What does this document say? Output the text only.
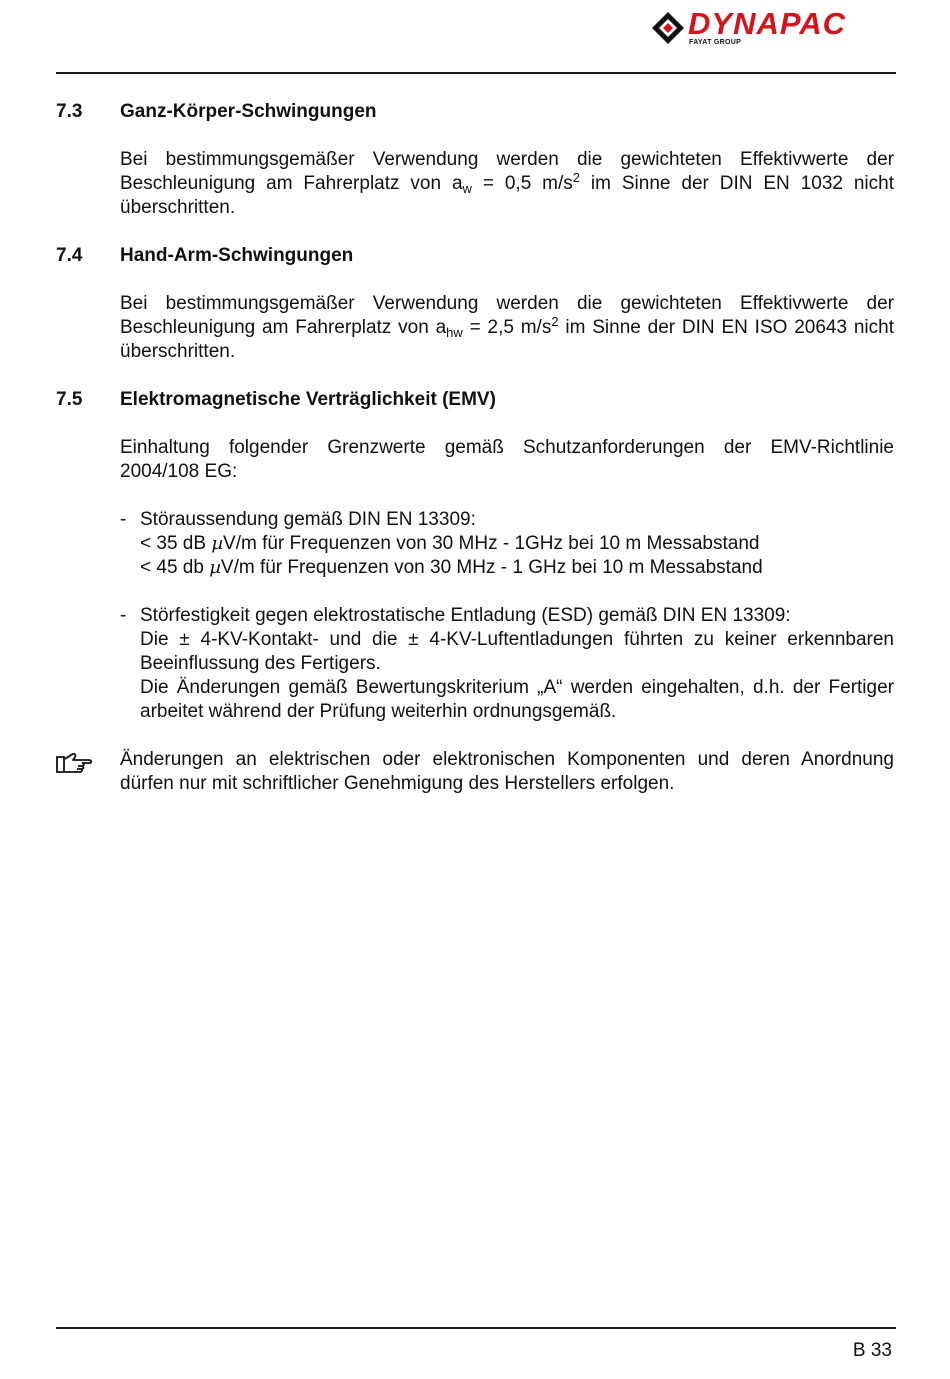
DYNAPAC
FAYAT GROUP
7.3	Ganz-Körper-Schwingungen
Bei bestimmungsgemäßer Verwendung werden die gewichteten Effektivwerte der Beschleunigung am Fahrerplatz von $a_w = 0,5$ $m/s^2$ im Sinne der DIN EN 1032 nicht überschritten.
7.4	Hand-Arm-Schwingungen
Bei bestimmungsgemäßer Verwendung werden die gewichteten Effektivwerte der Beschleunigung am Fahrerplatz von $a_{hw} = 2,5$ $m/s^2$ im Sinne der DIN EN ISO 20643 nicht überschritten.
7.5	Elektromagnetische Verträglichkeit (EMV)
Einhaltung folgender Grenzwerte gemäß Schutzanforderungen der EMV-Richtlinie 2004/108 EG:
- Störaussendung gemäß DIN EN 13309:
< 35 dB µV/m für Frequenzen von 30 MHz - 1GHz bei 10 m Messabstand
< 45 db µV/m für Frequenzen von 30 MHz - 1 GHz bei 10 m Messabstand
- Störfestigkeit gegen elektrostatische Entladung (ESD) gemäß DIN EN 13309:
Die ± 4-KV-Kontakt- und die ± 4-KV-Luftentladungen führten zu keiner erkennbaren Beeinflussung des Fertigers.
Die Änderungen gemäß Bewertungskriterium „A“ werden eingehalten, d.h. der Fertiger arbeitet während der Prüfung weiterhin ordnungsgemäß.
Änderungen an elektrischen oder elektronischen Komponenten und deren Anordnung dürfen nur mit schriftlicher Genehmigung des Herstellers erfolgen.
B 33
